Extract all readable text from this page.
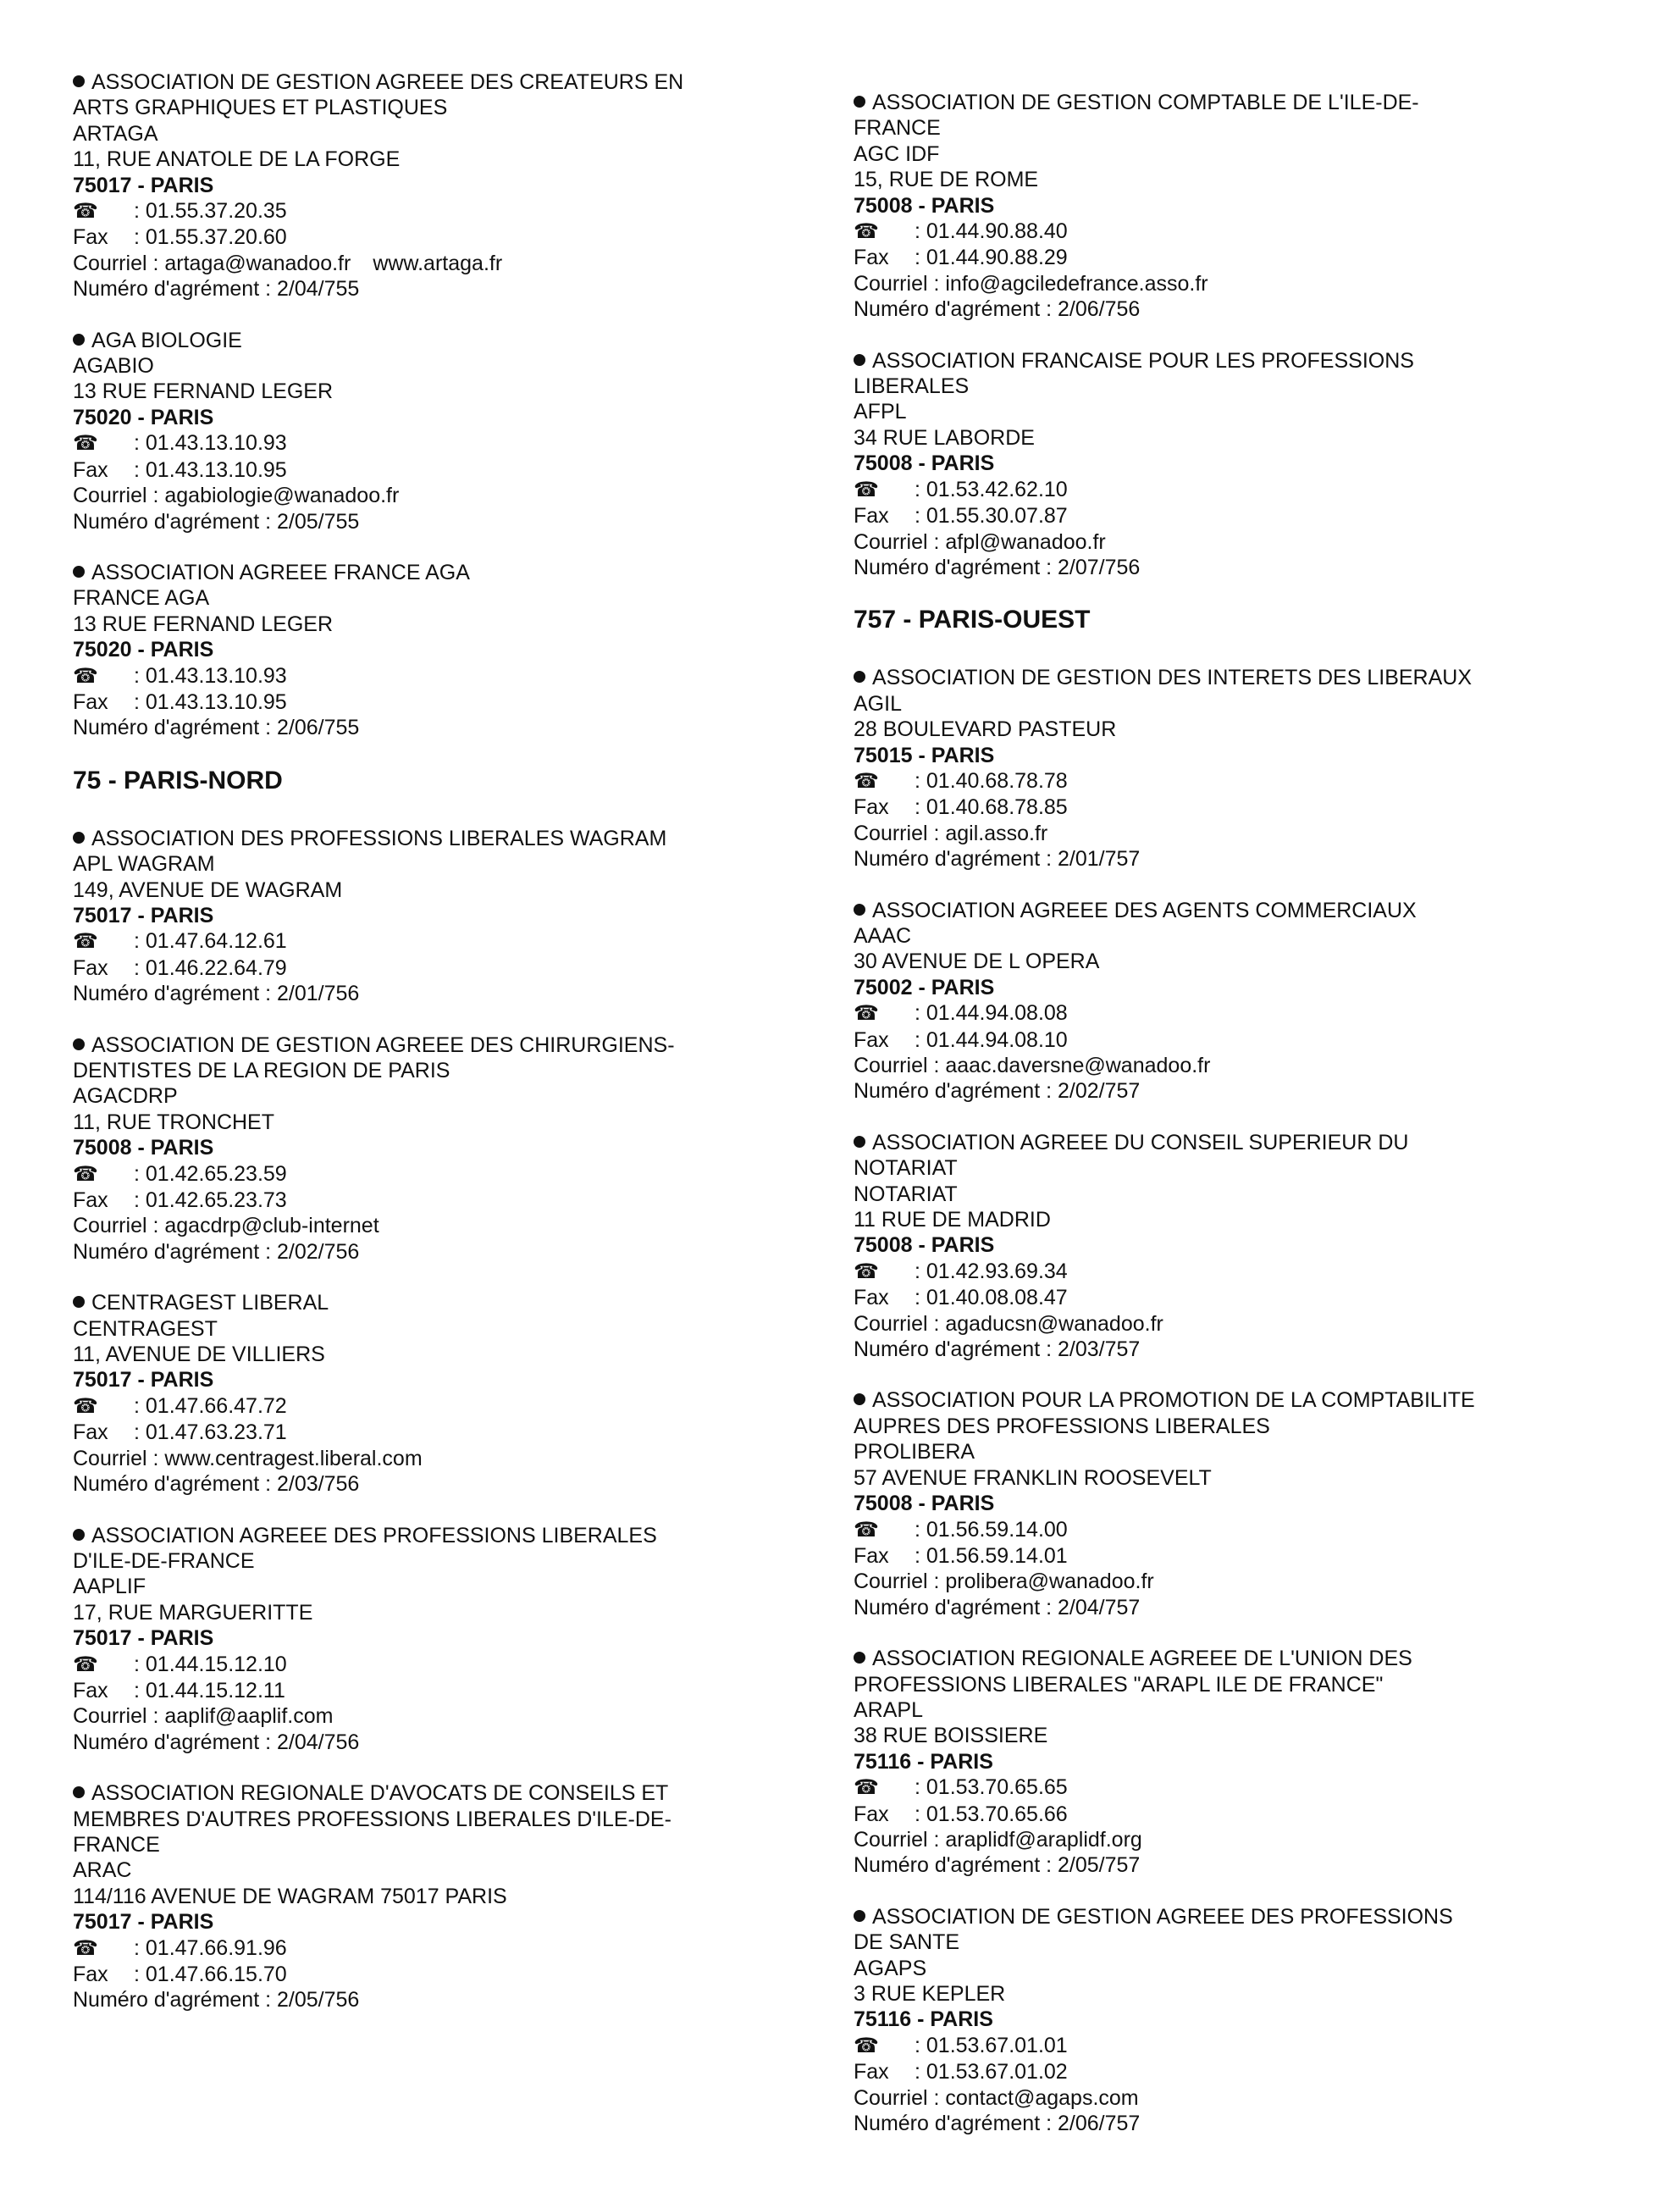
ASSOCIATION DE GESTION AGREEE DES CREATEURS EN
ARTS GRAPHIQUES ET PLASTIQUES
ARTAGA
11, RUE ANATOLE DE LA FORGE
75017 - PARIS
☎ : 01.55.37.20.35
Fax : 01.55.37.20.60
Courriel : artaga@wanadoo.fr www.artaga.fr
Numéro d'agrément : 2/04/755
AGA BIOLOGIE
AGABIO
13 RUE FERNAND LEGER
75020 - PARIS
☎ : 01.43.13.10.93
Fax : 01.43.13.10.95
Courriel : agabiologie@wanadoo.fr
Numéro d'agrément : 2/05/755
ASSOCIATION AGREEE FRANCE AGA
FRANCE AGA
13 RUE FERNAND LEGER
75020 - PARIS
☎ : 01.43.13.10.93
Fax : 01.43.13.10.95
Numéro d'agrément : 2/06/755
75 - PARIS-NORD
ASSOCIATION DES PROFESSIONS LIBERALES WAGRAM
APL WAGRAM
149, AVENUE DE WAGRAM
75017 - PARIS
☎ : 01.47.64.12.61
Fax : 01.46.22.64.79
Numéro d'agrément : 2/01/756
ASSOCIATION DE GESTION AGREEE DES CHIRURGIENS-
DENTISTES DE LA REGION DE PARIS
AGACDRP
11, RUE TRONCHET
75008 - PARIS
☎ : 01.42.65.23.59
Fax : 01.42.65.23.73
Courriel : agacdrp@club-internet
Numéro d'agrément : 2/02/756
CENTRAGEST LIBERAL
CENTRAGEST
11, AVENUE DE VILLIERS
75017 - PARIS
☎ : 01.47.66.47.72
Fax : 01.47.63.23.71
Courriel : www.centragest.liberal.com
Numéro d'agrément : 2/03/756
ASSOCIATION AGREEE DES PROFESSIONS LIBERALES
D'ILE-DE-FRANCE
AAPLIF
17, RUE MARGUERITTE
75017 - PARIS
☎ : 01.44.15.12.10
Fax : 01.44.15.12.11
Courriel : aaplif@aaplif.com
Numéro d'agrément : 2/04/756
ASSOCIATION REGIONALE D'AVOCATS DE CONSEILS ET
MEMBRES D'AUTRES PROFESSIONS LIBERALES D'ILE-DE-
FRANCE
ARAC
114/116 AVENUE DE WAGRAM 75017 PARIS
75017 - PARIS
☎ : 01.47.66.91.96
Fax : 01.47.66.15.70
Numéro d'agrément : 2/05/756
ASSOCIATION DE GESTION COMPTABLE DE L'ILE-DE-
FRANCE
AGC IDF
15, RUE DE ROME
75008 - PARIS
☎ : 01.44.90.88.40
Fax : 01.44.90.88.29
Courriel : info@agciledefrance.asso.fr
Numéro d'agrément : 2/06/756
ASSOCIATION FRANCAISE POUR LES PROFESSIONS
LIBERALES
AFPL
34 RUE LABORDE
75008 - PARIS
☎ : 01.53.42.62.10
Fax : 01.55.30.07.87
Courriel : afpl@wanadoo.fr
Numéro d'agrément : 2/07/756
757 - PARIS-OUEST
ASSOCIATION DE GESTION DES INTERETS DES LIBERAUX
AGIL
28 BOULEVARD PASTEUR
75015 - PARIS
☎ : 01.40.68.78.78
Fax : 01.40.68.78.85
Courriel : agil.asso.fr
Numéro d'agrément : 2/01/757
ASSOCIATION AGREEE DES AGENTS COMMERCIAUX
AAAC
30 AVENUE DE L OPERA
75002 - PARIS
☎ : 01.44.94.08.08
Fax : 01.44.94.08.10
Courriel : aaac.daversne@wanadoo.fr
Numéro d'agrément : 2/02/757
ASSOCIATION AGREEE DU CONSEIL SUPERIEUR DU
NOTARIAT
NOTARIAT
11 RUE DE MADRID
75008 - PARIS
☎ : 01.42.93.69.34
Fax : 01.40.08.08.47
Courriel : agaducsn@wanadoo.fr
Numéro d'agrément : 2/03/757
ASSOCIATION POUR LA PROMOTION DE LA COMPTABILITE
AUPRES DES PROFESSIONS LIBERALES
PROLIBERA
57 AVENUE FRANKLIN ROOSEVELT
75008 - PARIS
☎ : 01.56.59.14.00
Fax : 01.56.59.14.01
Courriel : prolibera@wanadoo.fr
Numéro d'agrément : 2/04/757
ASSOCIATION REGIONALE AGREEE DE L'UNION DES
PROFESSIONS LIBERALES "ARAPL ILE DE FRANCE"
ARAPL
38 RUE BOISSIERE
75116 - PARIS
☎ : 01.53.70.65.65
Fax : 01.53.70.65.66
Courriel : araplidf@araplidf.org
Numéro d'agrément : 2/05/757
ASSOCIATION DE GESTION AGREEE DES PROFESSIONS
DE SANTE
AGAPS
3 RUE KEPLER
75116 - PARIS
☎ : 01.53.67.01.01
Fax : 01.53.67.01.02
Courriel : contact@agaps.com
Numéro d'agrément : 2/06/757
